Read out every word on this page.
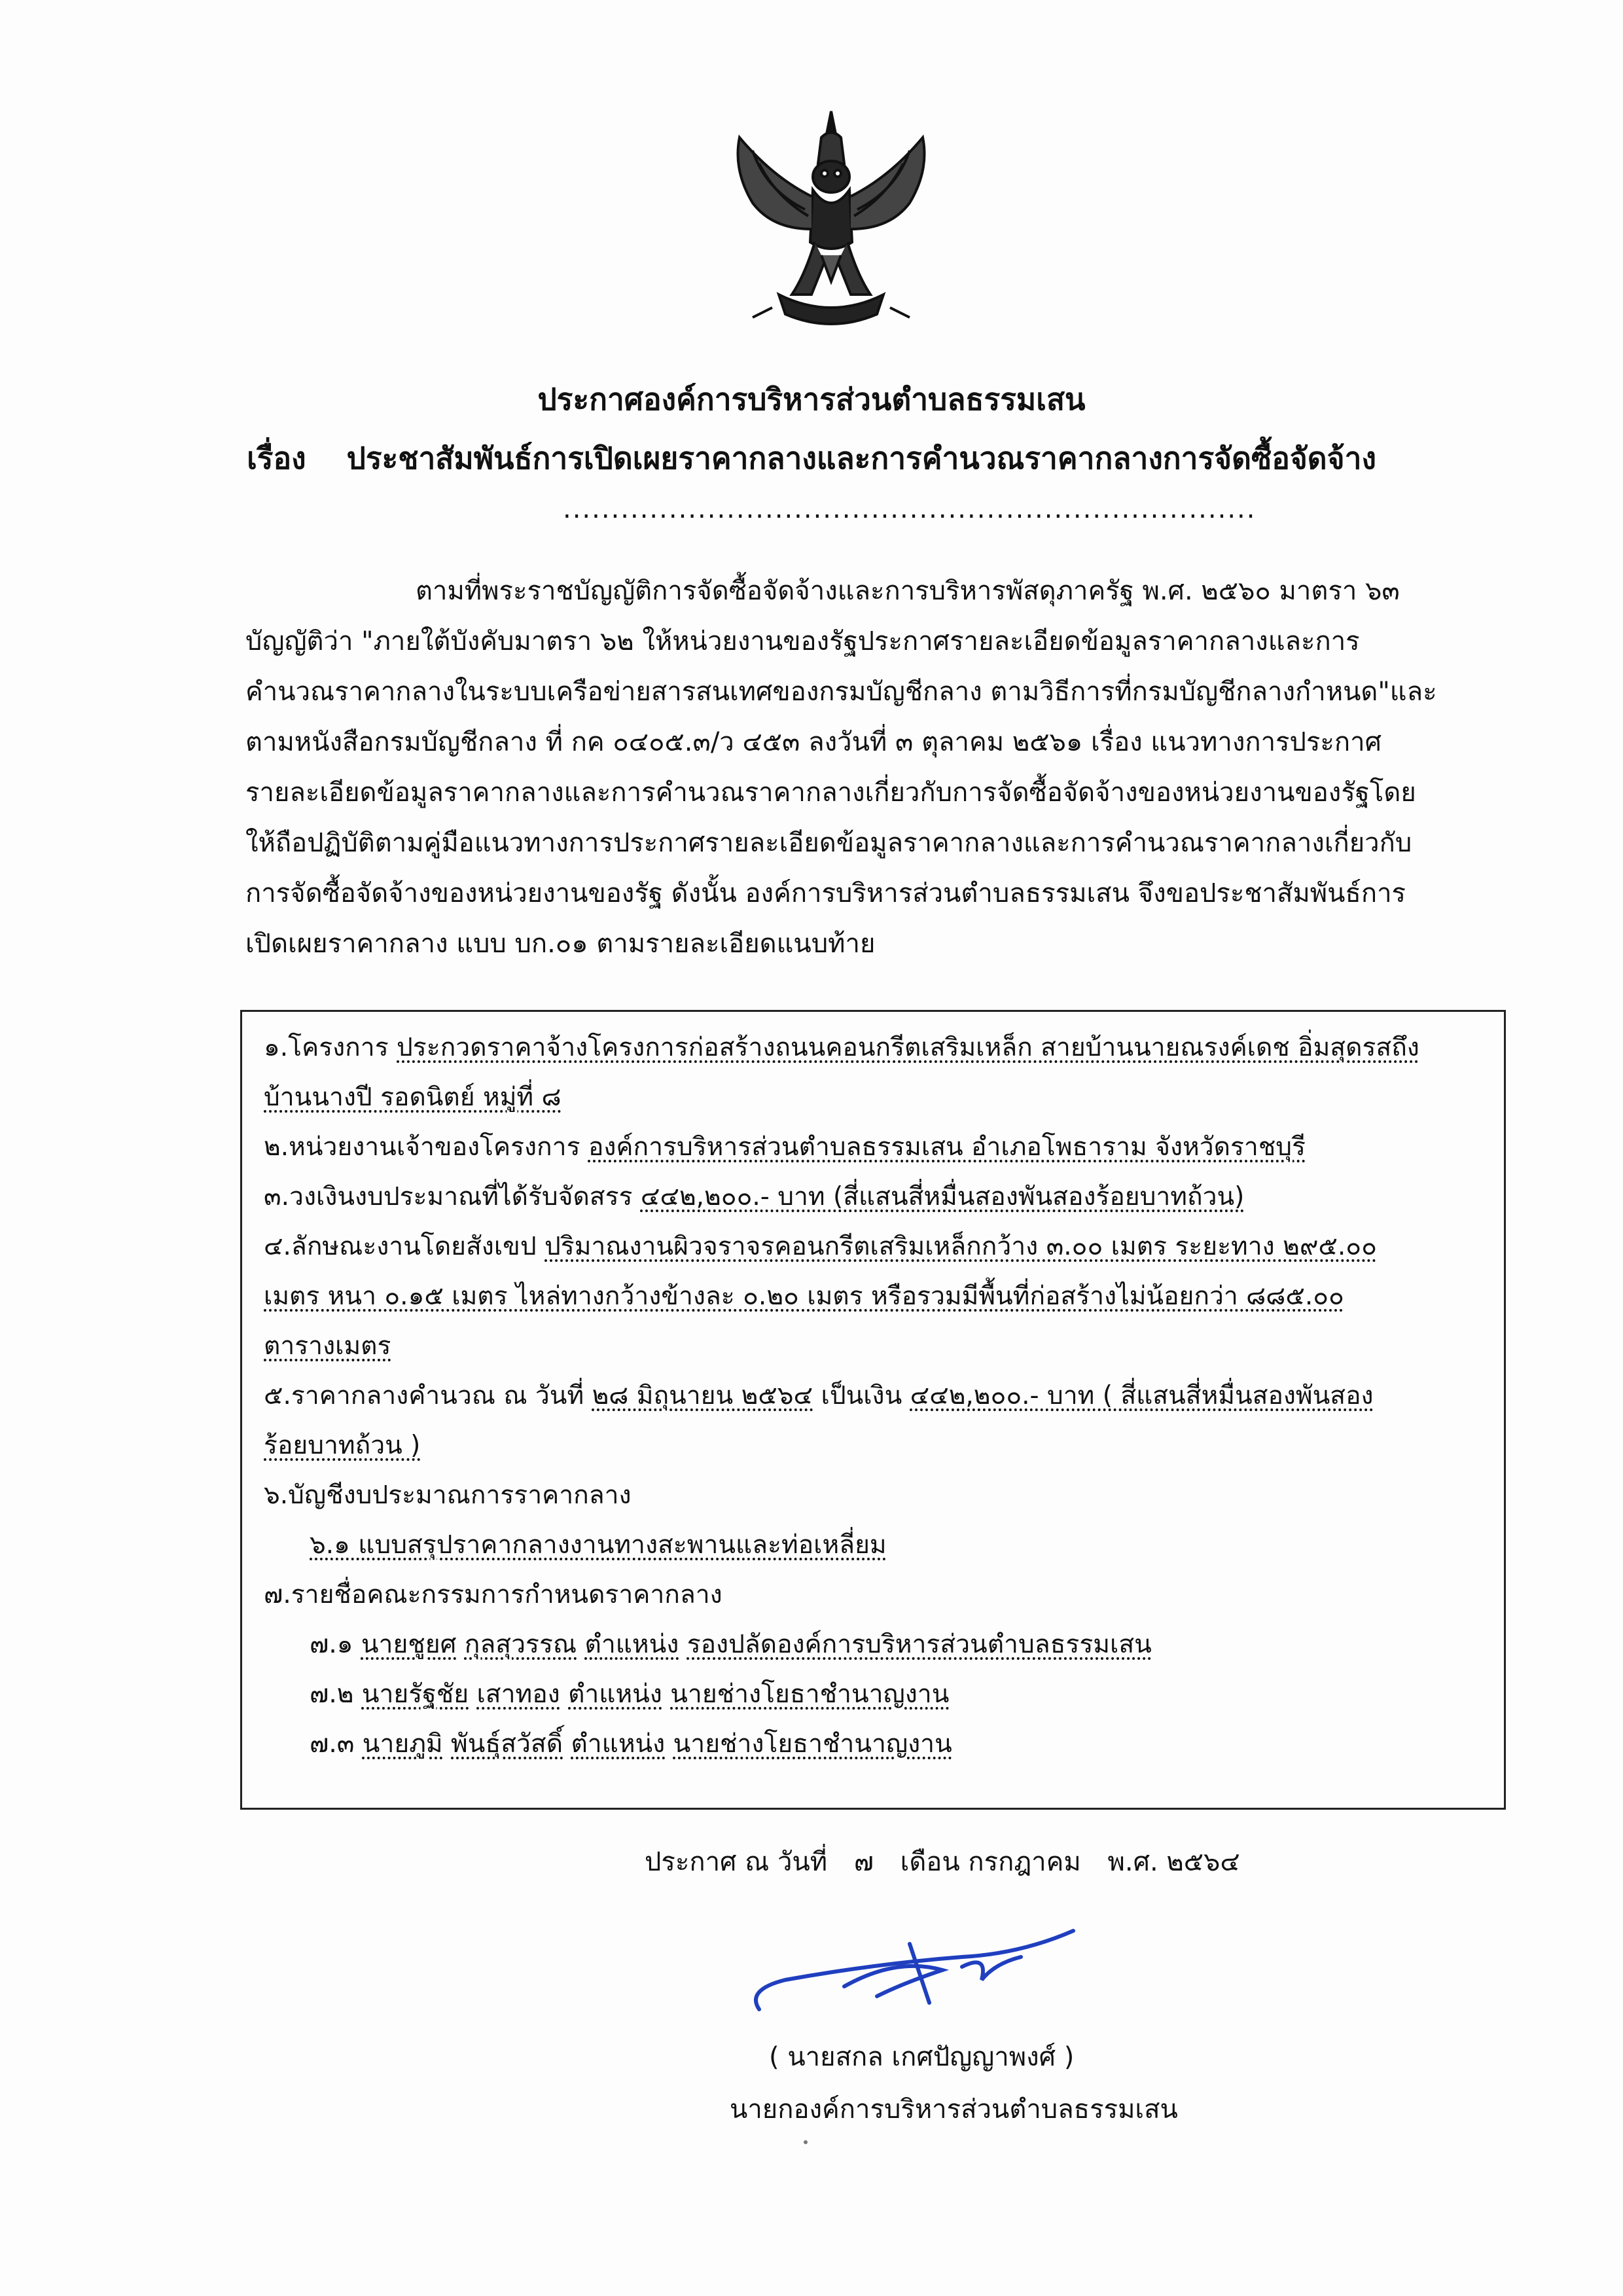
ประกาศองค์การบริหารส่วนตำบลธรรมเสน
เรื่อง ประชาสัมพันธ์การเปิดเผยราคากลางและการคำนวณราคากลางการจัดซื้อจัดจ้าง
........................................................................
ตามที่พระราชบัญญัติการจัดซื้อจัดจ้างและการบริหารพัสดุภาครัฐ พ.ศ. ๒๕๖๐ มาตรา ๖๓
บัญญัติว่า "ภายใต้บังคับมาตรา ๖๒ ให้หน่วยงานของรัฐประกาศรายละเอียดข้อมูลราคากลางและการ
คำนวณราคากลางในระบบเครือข่ายสารสนเทศของกรมบัญชีกลาง ตามวิธีการที่กรมบัญชีกลางกำหนด"และ
ตามหนังสือกรมบัญชีกลาง ที่ กค ๐๔๐๕.๓/ว ๔๕๓ ลงวันที่ ๓ ตุลาคม ๒๕๖๑ เรื่อง แนวทางการประกาศ
รายละเอียดข้อมูลราคากลางและการคำนวณราคากลางเกี่ยวกับการจัดซื้อจัดจ้างของหน่วยงานของรัฐโดย
ให้ถือปฏิบัติตามคู่มือแนวทางการประกาศรายละเอียดข้อมูลราคากลางและการคำนวณราคากลางเกี่ยวกับ
การจัดซื้อจัดจ้างของหน่วยงานของรัฐ ดังนั้น องค์การบริหารส่วนตำบลธรรมเสน จึงขอประชาสัมพันธ์การ
เปิดเผยราคากลาง แบบ บก.๐๑ ตามรายละเอียดแนบท้าย
๑.โครงการ ประกวดราคาจ้างโครงการก่อสร้างถนนคอนกรีตเสริมเหล็ก สายบ้านนายณรงค์เดช อิ่มสุดรสถึง
บ้านนางปี รอดนิตย์ หมู่ที่ ๘
๒.หน่วยงานเจ้าของโครงการ องค์การบริหารส่วนตำบลธรรมเสน อำเภอโพธาราม จังหวัดราชบุรี
๓.วงเงินงบประมาณที่ได้รับจัดสรร ๔๔๒,๒๐๐.- บาท (สี่แสนสี่หมื่นสองพันสองร้อยบาทถ้วน)
๔.ลักษณะงานโดยสังเขป ปริมาณงานผิวจราจรคอนกรีตเสริมเหล็กกว้าง ๓.๐๐ เมตร ระยะทาง ๒๙๕.๐๐
เมตร หนา ๐.๑๕ เมตร ไหล่ทางกว้างข้างละ ๐.๒๐ เมตร หรือรวมมีพื้นที่ก่อสร้างไม่น้อยกว่า ๘๘๕.๐๐
ตารางเมตร
๕.ราคากลางคำนวณ ณ วันที่ ๒๘ มิถุนายน ๒๕๖๔ เป็นเงิน ๔๔๒,๒๐๐.- บาท ( สี่แสนสี่หมื่นสองพันสอง
ร้อยบาทถ้วน )
๖.บัญชีงบประมาณการราคากลาง
๖.๑ แบบสรุปราคากลางงานทางสะพานและท่อเหลี่ยม
๗.รายชื่อคณะกรรมการกำหนดราคากลาง
๗.๑ นายชูยศ กุลสุวรรณ ตำแหน่ง รองปลัดองค์การบริหารส่วนตำบลธรรมเสน
๗.๒ นายรัฐชัย เสาทอง ตำแหน่ง นายช่างโยธาชำนาญงาน
๗.๓ นายภูมิ พันธุ์สวัสดิ์ ตำแหน่ง นายช่างโยธาชำนาญงาน
ประกาศ ณ วันที่ ๗ เดือน กรกฎาคม พ.ศ. ๒๕๖๔
( นายสกล เกศปัญญาพงศ์ )
นายกองค์การบริหารส่วนตำบลธรรมเสน
